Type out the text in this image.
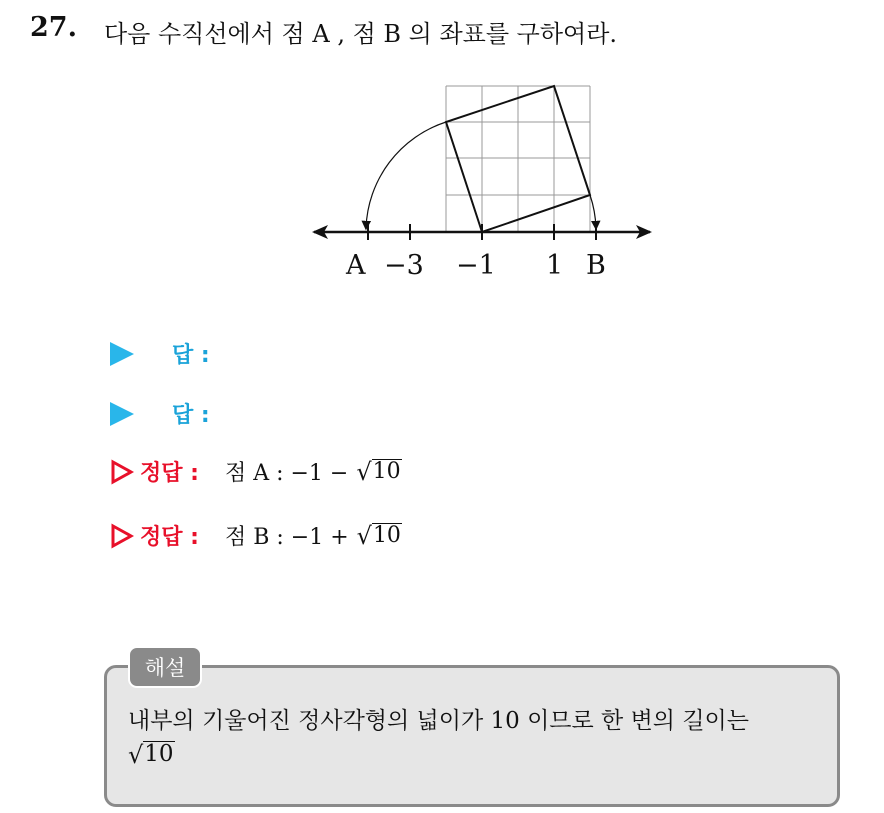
27. 다음 수직선에서 점 A , 점 B 의 좌표를 구하여라.
A −3 −1 1 B
답 :
답 :
정답 : 점 A : −1 − √ 10
정답 : 점 B : −1 + √ 10
해설
내부의 기울어진 정사각형의 넓이가 10 이므로 한 변의 길이는

√ 10
